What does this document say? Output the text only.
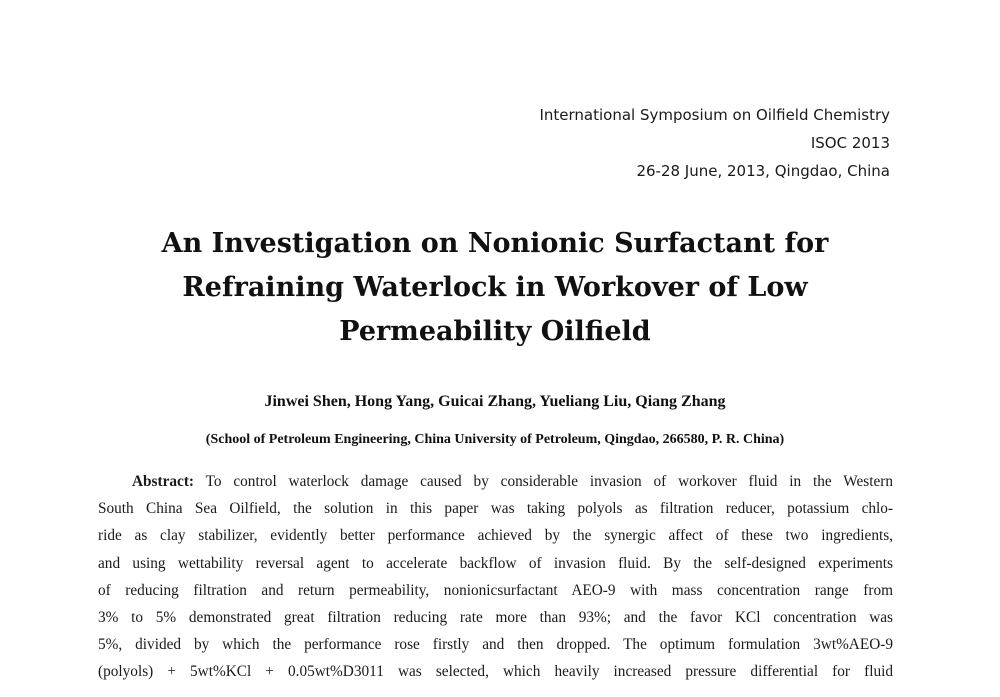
International Symposium on Oilfield Chemistry
ISOC 2013
26-28 June, 2013, Qingdao, China
An Investigation on Nonionic Surfactant for
Refraining Waterlock in Workover of Low
Permeability Oilfield
Jinwei Shen, Hong Yang, Guicai Zhang, Yueliang Liu, Qiang Zhang
(School of Petroleum Engineering, China University of Petroleum, Qingdao, 266580, P. R. China)
Abstract: To control waterlock damage caused by considerable invasion of workover fluid in the Western
South China Sea Oilfield, the solution in this paper was taking polyols as filtration reducer, potassium chlo-
ride as clay stabilizer, evidently better performance achieved by the synergic affect of these two ingredients,
and using wettability reversal agent to accelerate backflow of invasion fluid. By the self-designed experiments
of reducing filtration and return permeability, nonionicsurfactant AEO-9 with mass concentration range from
3% to 5% demonstrated great filtration reducing rate more than 93%; and the favor KCl concentration was
5%, divided by which the performance rose firstly and then dropped. The optimum formulation 3wt%AEO-9
(polyols) + 5wt%KCl + 0.05wt%D3011 was selected, which heavily increased pressure differential for fluid
